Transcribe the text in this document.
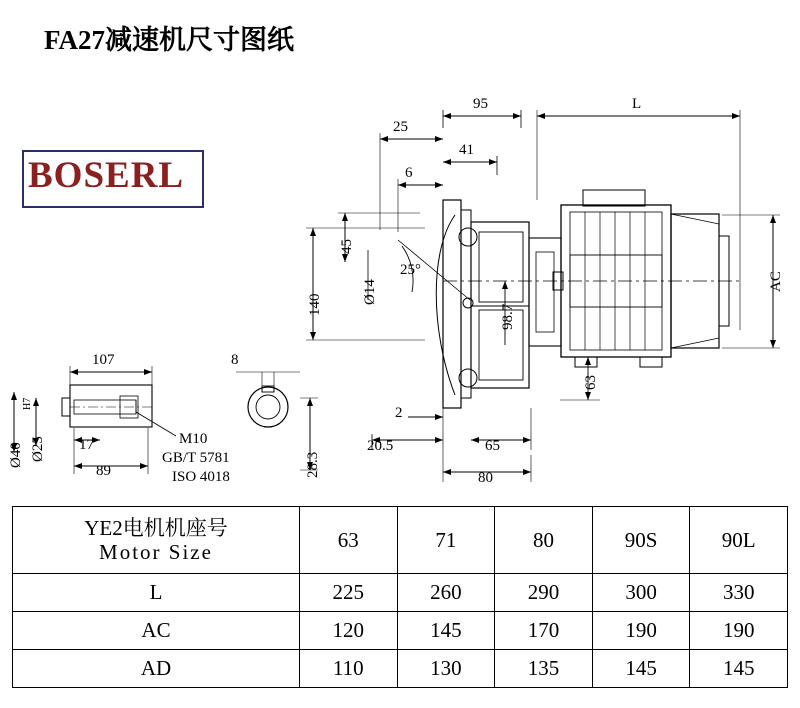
FA27减速机尺寸图纸
BOSERL
95	L
25
41
6
45
140	Ø14
25°
98.7
AC
63
2
20.5	65
80
107	8
17
89
Ø40 Ø25
H7
28.3
M10
GB/T 5781
ISO 4018
YE2电机机座号
Motor Size	63	71	80	90S	90L
L	225	260	290	300	330
AC	120	145	170	190	190
AD	110	130	135	145	145
